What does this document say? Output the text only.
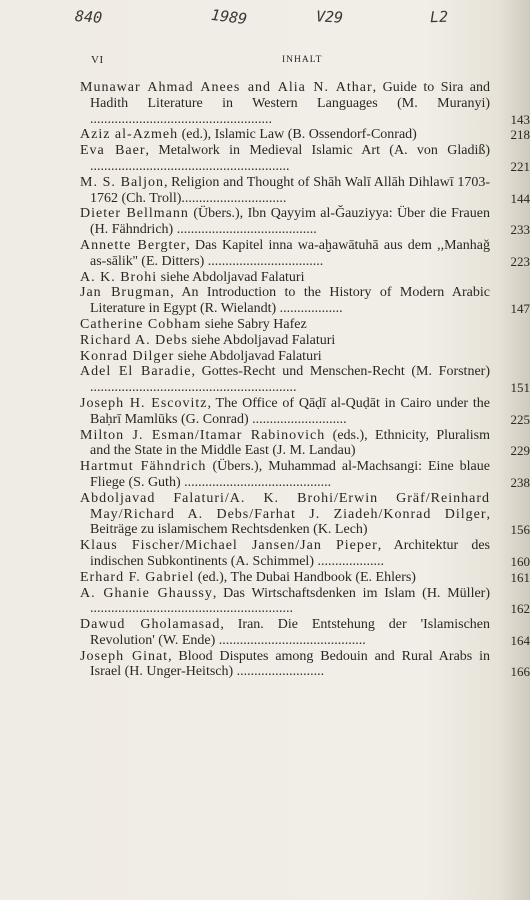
840	1989	V29	L2
VI	INHALT
Munawar Ahmad Anees and Alia N. Athar, Guide to Sira and Hadith Literature in Western Languages (M. Muranyi) ....................................................	143
Aziz al-Azmeh (ed.), Islamic Law (B. Ossendorf-Conrad)	218
Eva Baer, Metalwork in Medieval Islamic Art (A. von Gladiß) .........................................................	221
M. S. Baljon, Religion and Thought of Shāh Walī Allāh Dihlawī 1703-1762 (Ch. Troll)..............................	144
Dieter Bellmann (Übers.), Ibn Qayyim al-Ǧauziyya: Über die Frauen (H. Fähndrich) ........................................	233
Annette Bergter, Das Kapitel inna wa-aḫawātuhā aus dem ,,Manhaǧ as-sālik'' (E. Ditters) .................................	223
A. K. Brohi siehe Abdoljavad Falaturi
Jan Brugman, An Introduction to the History of Modern Arabic Literature in Egypt (R. Wielandt) ..................	147
Catherine Cobham siehe Sabry Hafez
Richard A. Debs siehe Abdoljavad Falaturi
Konrad Dilger siehe Abdoljavad Falaturi
Adel El Baradie, Gottes-Recht und Menschen-Recht (M. Forstner) ...........................................................	151
Joseph H. Escovitz, The Office of Qāḍī al-Quḍāt in Cairo under the Baḥrī Mamlūks (G. Conrad) ...........................	225
Milton J. Esman/Itamar Rabinovich (eds.), Ethnicity, Pluralism and the State in the Middle East (J. M. Landau)	229
Hartmut Fähndrich (Übers.), Muhammad al-Machsangi: Eine blaue Fliege (S. Guth) ..........................................	238
Abdoljavad Falaturi/A. K. Brohi/Erwin Gräf/Reinhard May/Richard A. Debs/Farhat J. Ziadeh/Konrad Dilger, Beiträge zu islamischem Rechtsdenken (K. Lech)	156
Klaus Fischer/Michael Jansen/Jan Pieper, Architektur des indischen Subkontinents (A. Schimmel) ...................	160
Erhard F. Gabriel (ed.), The Dubai Handbook (E. Ehlers)	161
A. Ghanie Ghaussy, Das Wirtschaftsdenken im Islam (H. Müller) ..........................................................	162
Dawud Gholamasad, Iran. Die Entstehung der 'Islamischen Revolution' (W. Ende) ..........................................	164
Joseph Ginat, Blood Disputes among Bedouin and Rural Arabs in Israel (H. Unger-Heitsch) .........................	166
